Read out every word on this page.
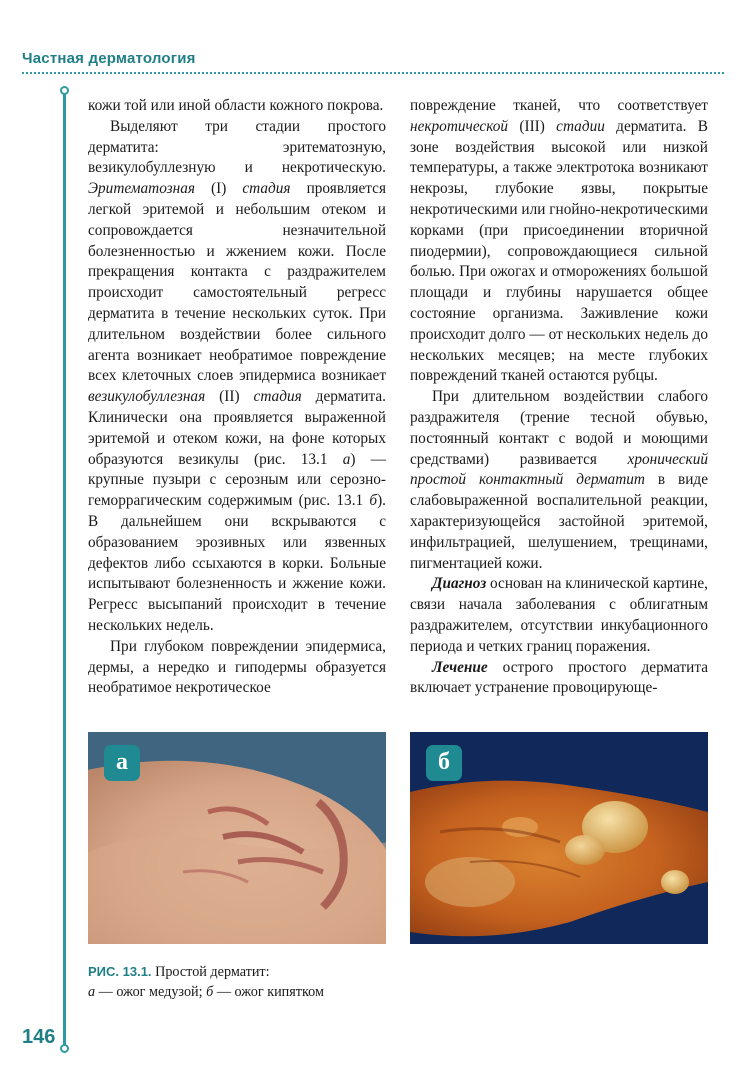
Частная дерматология

кожи той или иной области кожного покрова.

Выделяют три стадии простого дерматита: эритематозную, везикулобуллезную и некротическую. Эритематозная (I) стадия проявляется легкой эритемой и небольшим отеком и сопровождается незначительной болезненностью и жжением кожи. После прекращения контакта с раздражителем происходит самостоятельный регресс дерматита в течение нескольких суток. При длительном воздействии более сильного агента возникает необратимое повреждение всех клеточных слоев эпидермиса возникает везикулобуллезная (II) стадия дерматита. Клинически она проявляется выраженной эритемой и отеком кожи, на фоне которых образуются везикулы (рис. 13.1 а) — крупные пузыри с серозным или серозно-геморрагическим содержимым (рис. 13.1 б). В дальнейшем они вскрываются с образованием эрозивных или язвенных дефектов либо ссыхаются в корки. Больные испытывают болезненность и жжение кожи. Регресс высыпаний происходит в течение нескольких недель.

При глубоком повреждении эпидермиса, дермы, а нередко и гиподермы образуется необратимое некротическое

повреждение тканей, что соответствует некротической (III) стадии дерматита. В зоне воздействия высокой или низкой температуры, а также электротока возникают некрозы, глубокие язвы, покрытые некротическими или гнойно-некротическими корками (при присоединении вторичной пиодермии), сопровождающиеся сильной болью. При ожогах и отморожениях большой площади и глубины нарушается общее состояние организма. Заживление кожи происходит долго — от нескольких недель до нескольких месяцев; на месте глубоких повреждений тканей остаются рубцы.

При длительном воздействии слабого раздражителя (трение тесной обувью, постоянный контакт с водой и моющими средствами) развивается хронический простой контактный дерматит в виде слабовыраженной воспалительной реакции, характеризующейся застойной эритемой, инфильтрацией, шелушением, трещинами, пигментацией кожи.

Диагноз основан на клинической картине, связи начала заболевания с облигатным раздражителем, отсутствии инкубационного периода и четких границ поражения.

Лечение острого простого дерматита включает устранение провоцирующе-

а	б
РИС. 13.1. Простой дерматит:
а — ожог медузой; б — ожог кипятком
146
